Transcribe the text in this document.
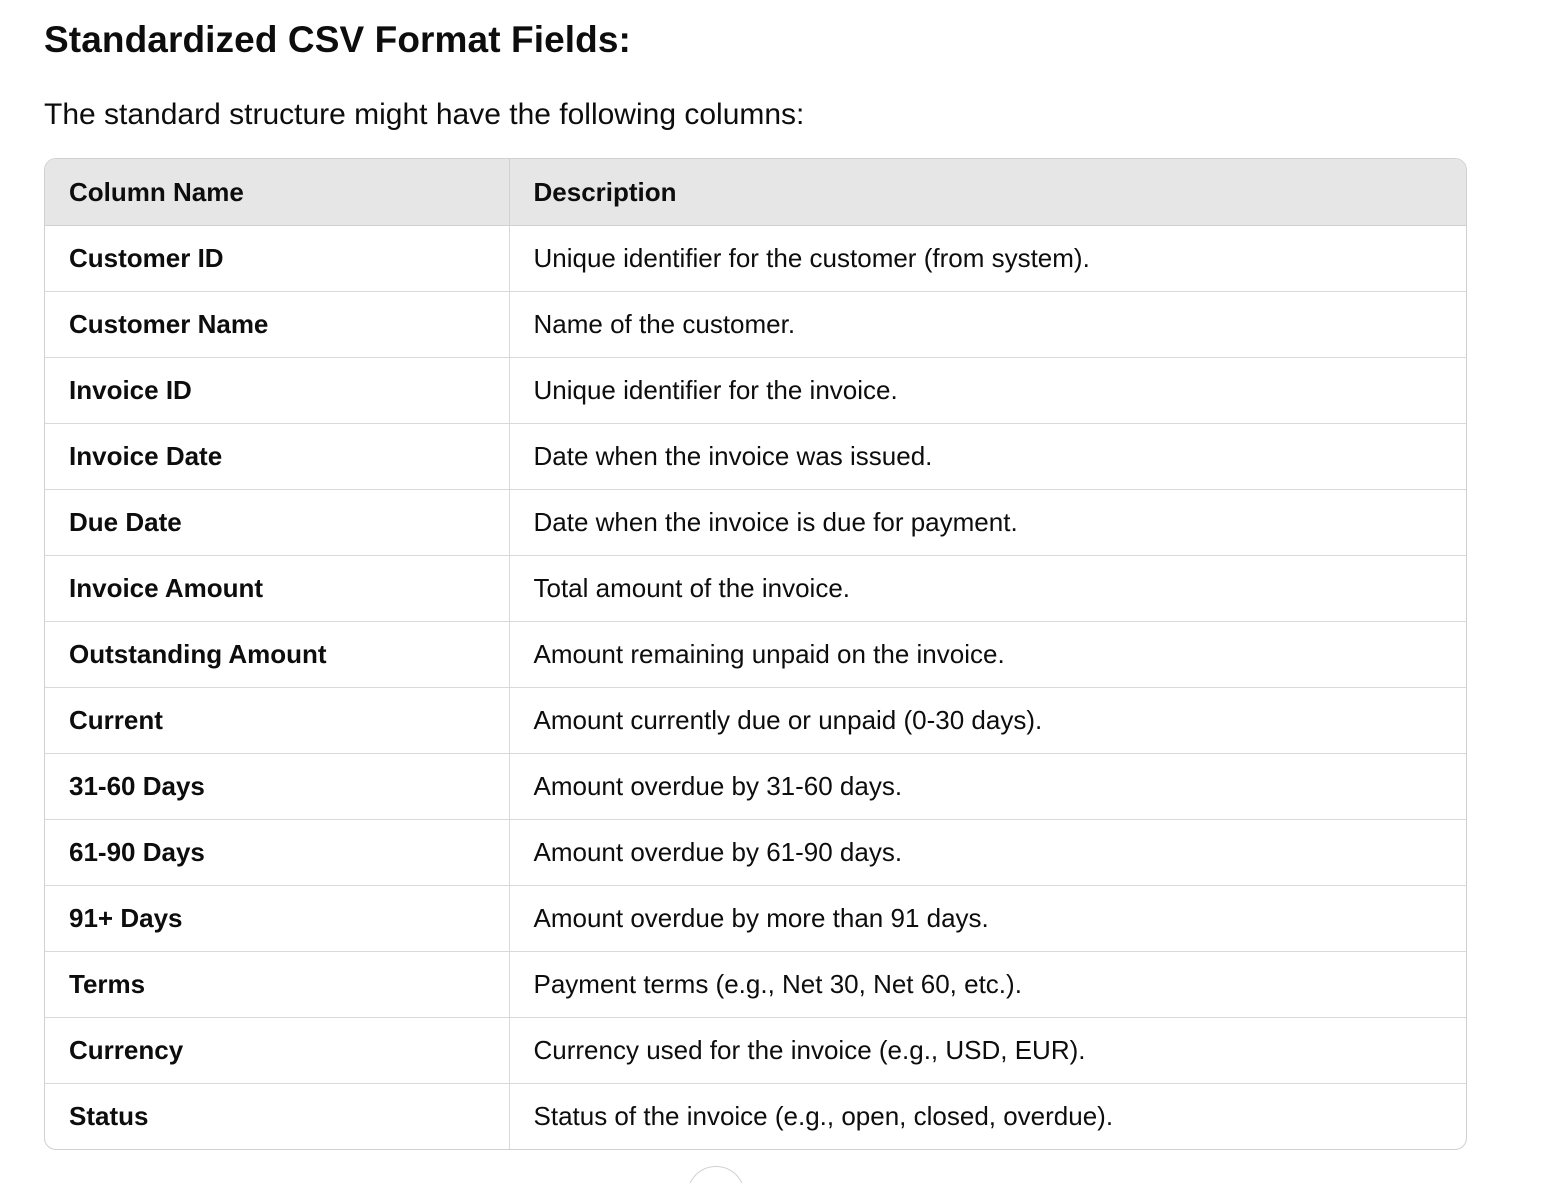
Standardized CSV Format Fields:

The standard structure might have the following columns:

Column Name	Description
Customer ID	Unique identifier for the customer (from system).
Customer Name	Name of the customer.
Invoice ID	Unique identifier for the invoice.
Invoice Date	Date when the invoice was issued.
Due Date	Date when the invoice is due for payment.
Invoice Amount	Total amount of the invoice.
Outstanding Amount	Amount remaining unpaid on the invoice.
Current	Amount currently due or unpaid (0-30 days).
31-60 Days	Amount overdue by 31-60 days.
61-90 Days	Amount overdue by 61-90 days.
91+ Days	Amount overdue by more than 91 days.
Terms	Payment terms (e.g., Net 30, Net 60, etc.).
Currency	Currency used for the invoice (e.g., USD, EUR).
Status	Status of the invoice (e.g., open, closed, overdue).
